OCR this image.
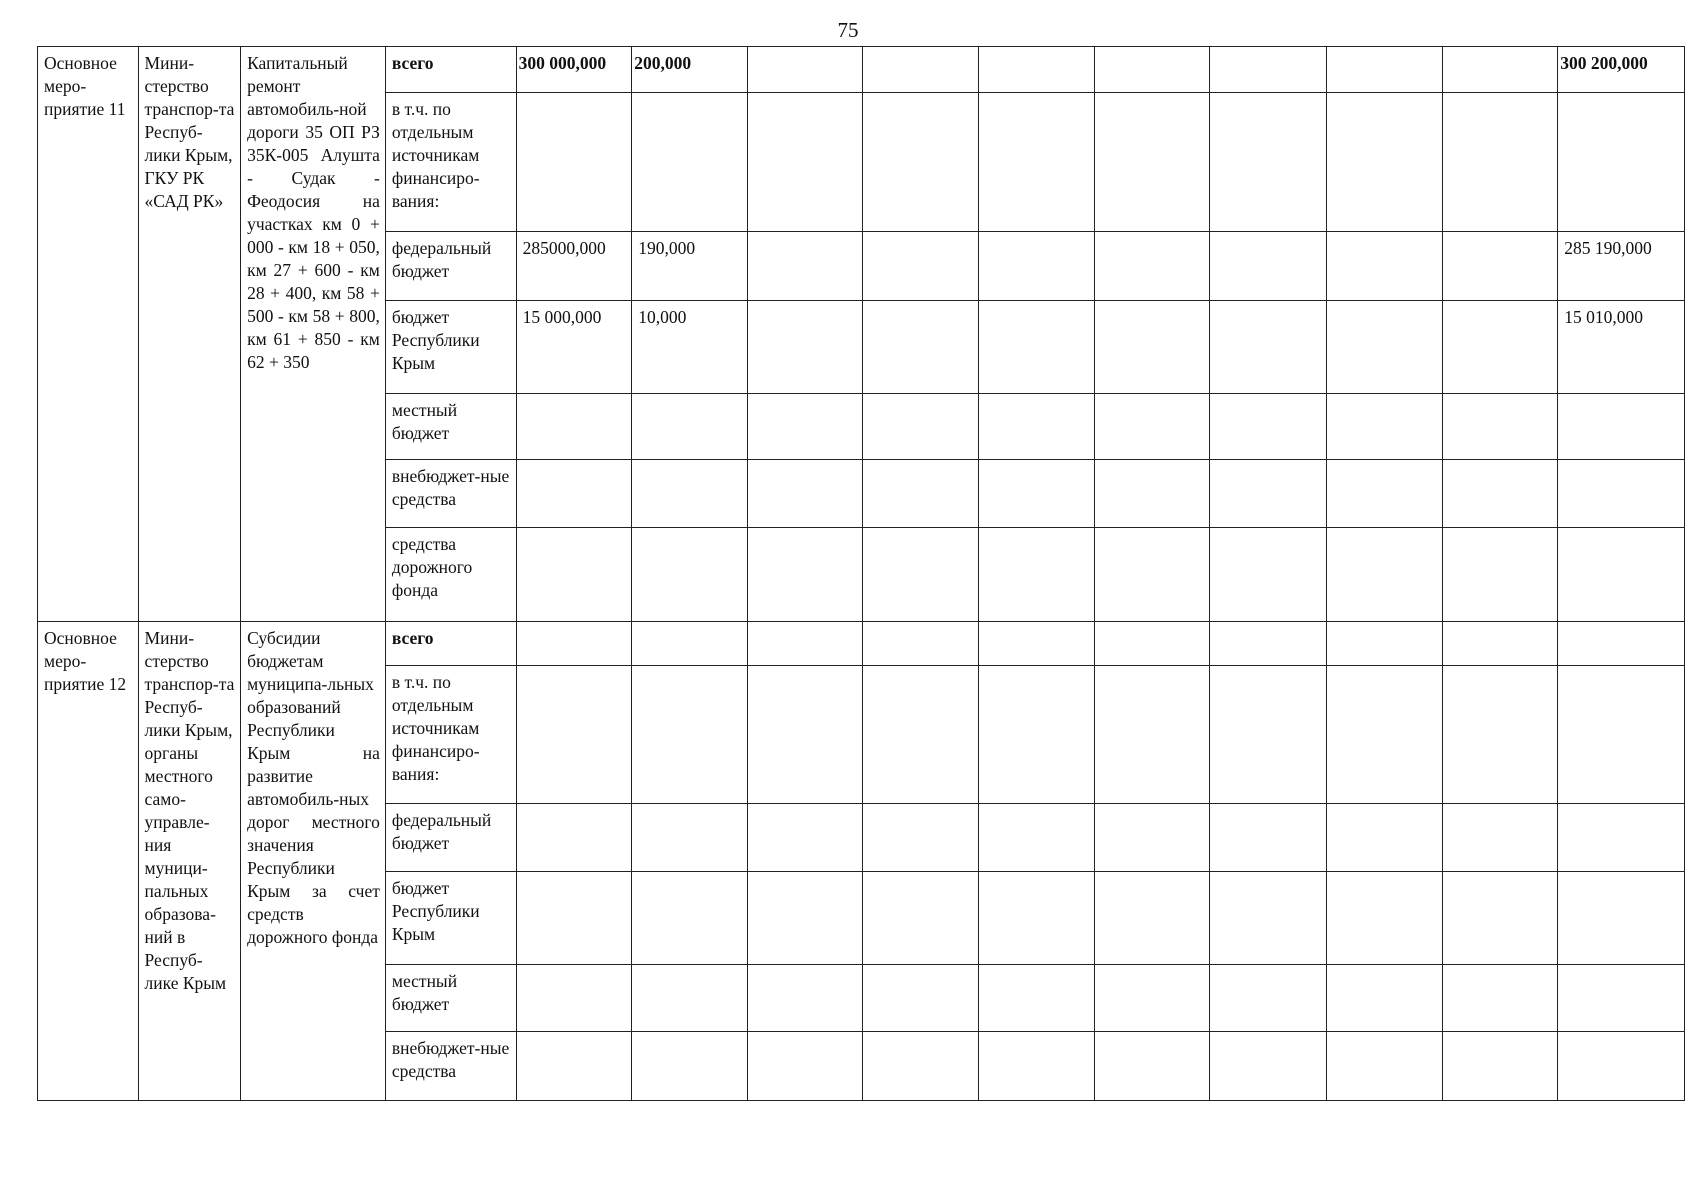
75
Основное меро-приятие 11	Мини-стерство транспор-та Респуб-лики Крым, ГКУ РК «САД РК»	Капитальный ремонт автомобиль-ной дороги 35 ОП РЗ 35К-005 Алушта - Судак - Феодосия на участках км 0 + 000 - км 18 + 050, км 27 + 600 - км 28 + 400, км 58 + 500 - км 58 + 800, км 61 + 850 - км 62 + 350	всего	300 000,000	200,000								300 200,000
			в т.ч. по отдельным источникам финансиро-вания:										
			федеральный бюджет	285000,000	190,000								285 190,000
			бюджет Республики Крым	15 000,000	10,000								15 010,000
			местный бюджет										
			внебюджет-ные средства										
			средства дорожного фонда										
Основное меро-приятие 12	Мини-стерство транспор-та Респуб-лики Крым, органы местного само-управле-ния муници-пальных образова-ний в Респуб-лике Крым	Субсидии бюджетам муниципа-льных образований Республики Крым на развитие автомобиль-ных дорог местного значения Республики Крым за счет средств дорожного фонда	всего										
			в т.ч. по отдельным источникам финансиро-вания:										
			федеральный бюджет										
			бюджет Республики Крым										
			местный бюджет										
			внебюджет-ные средства										
